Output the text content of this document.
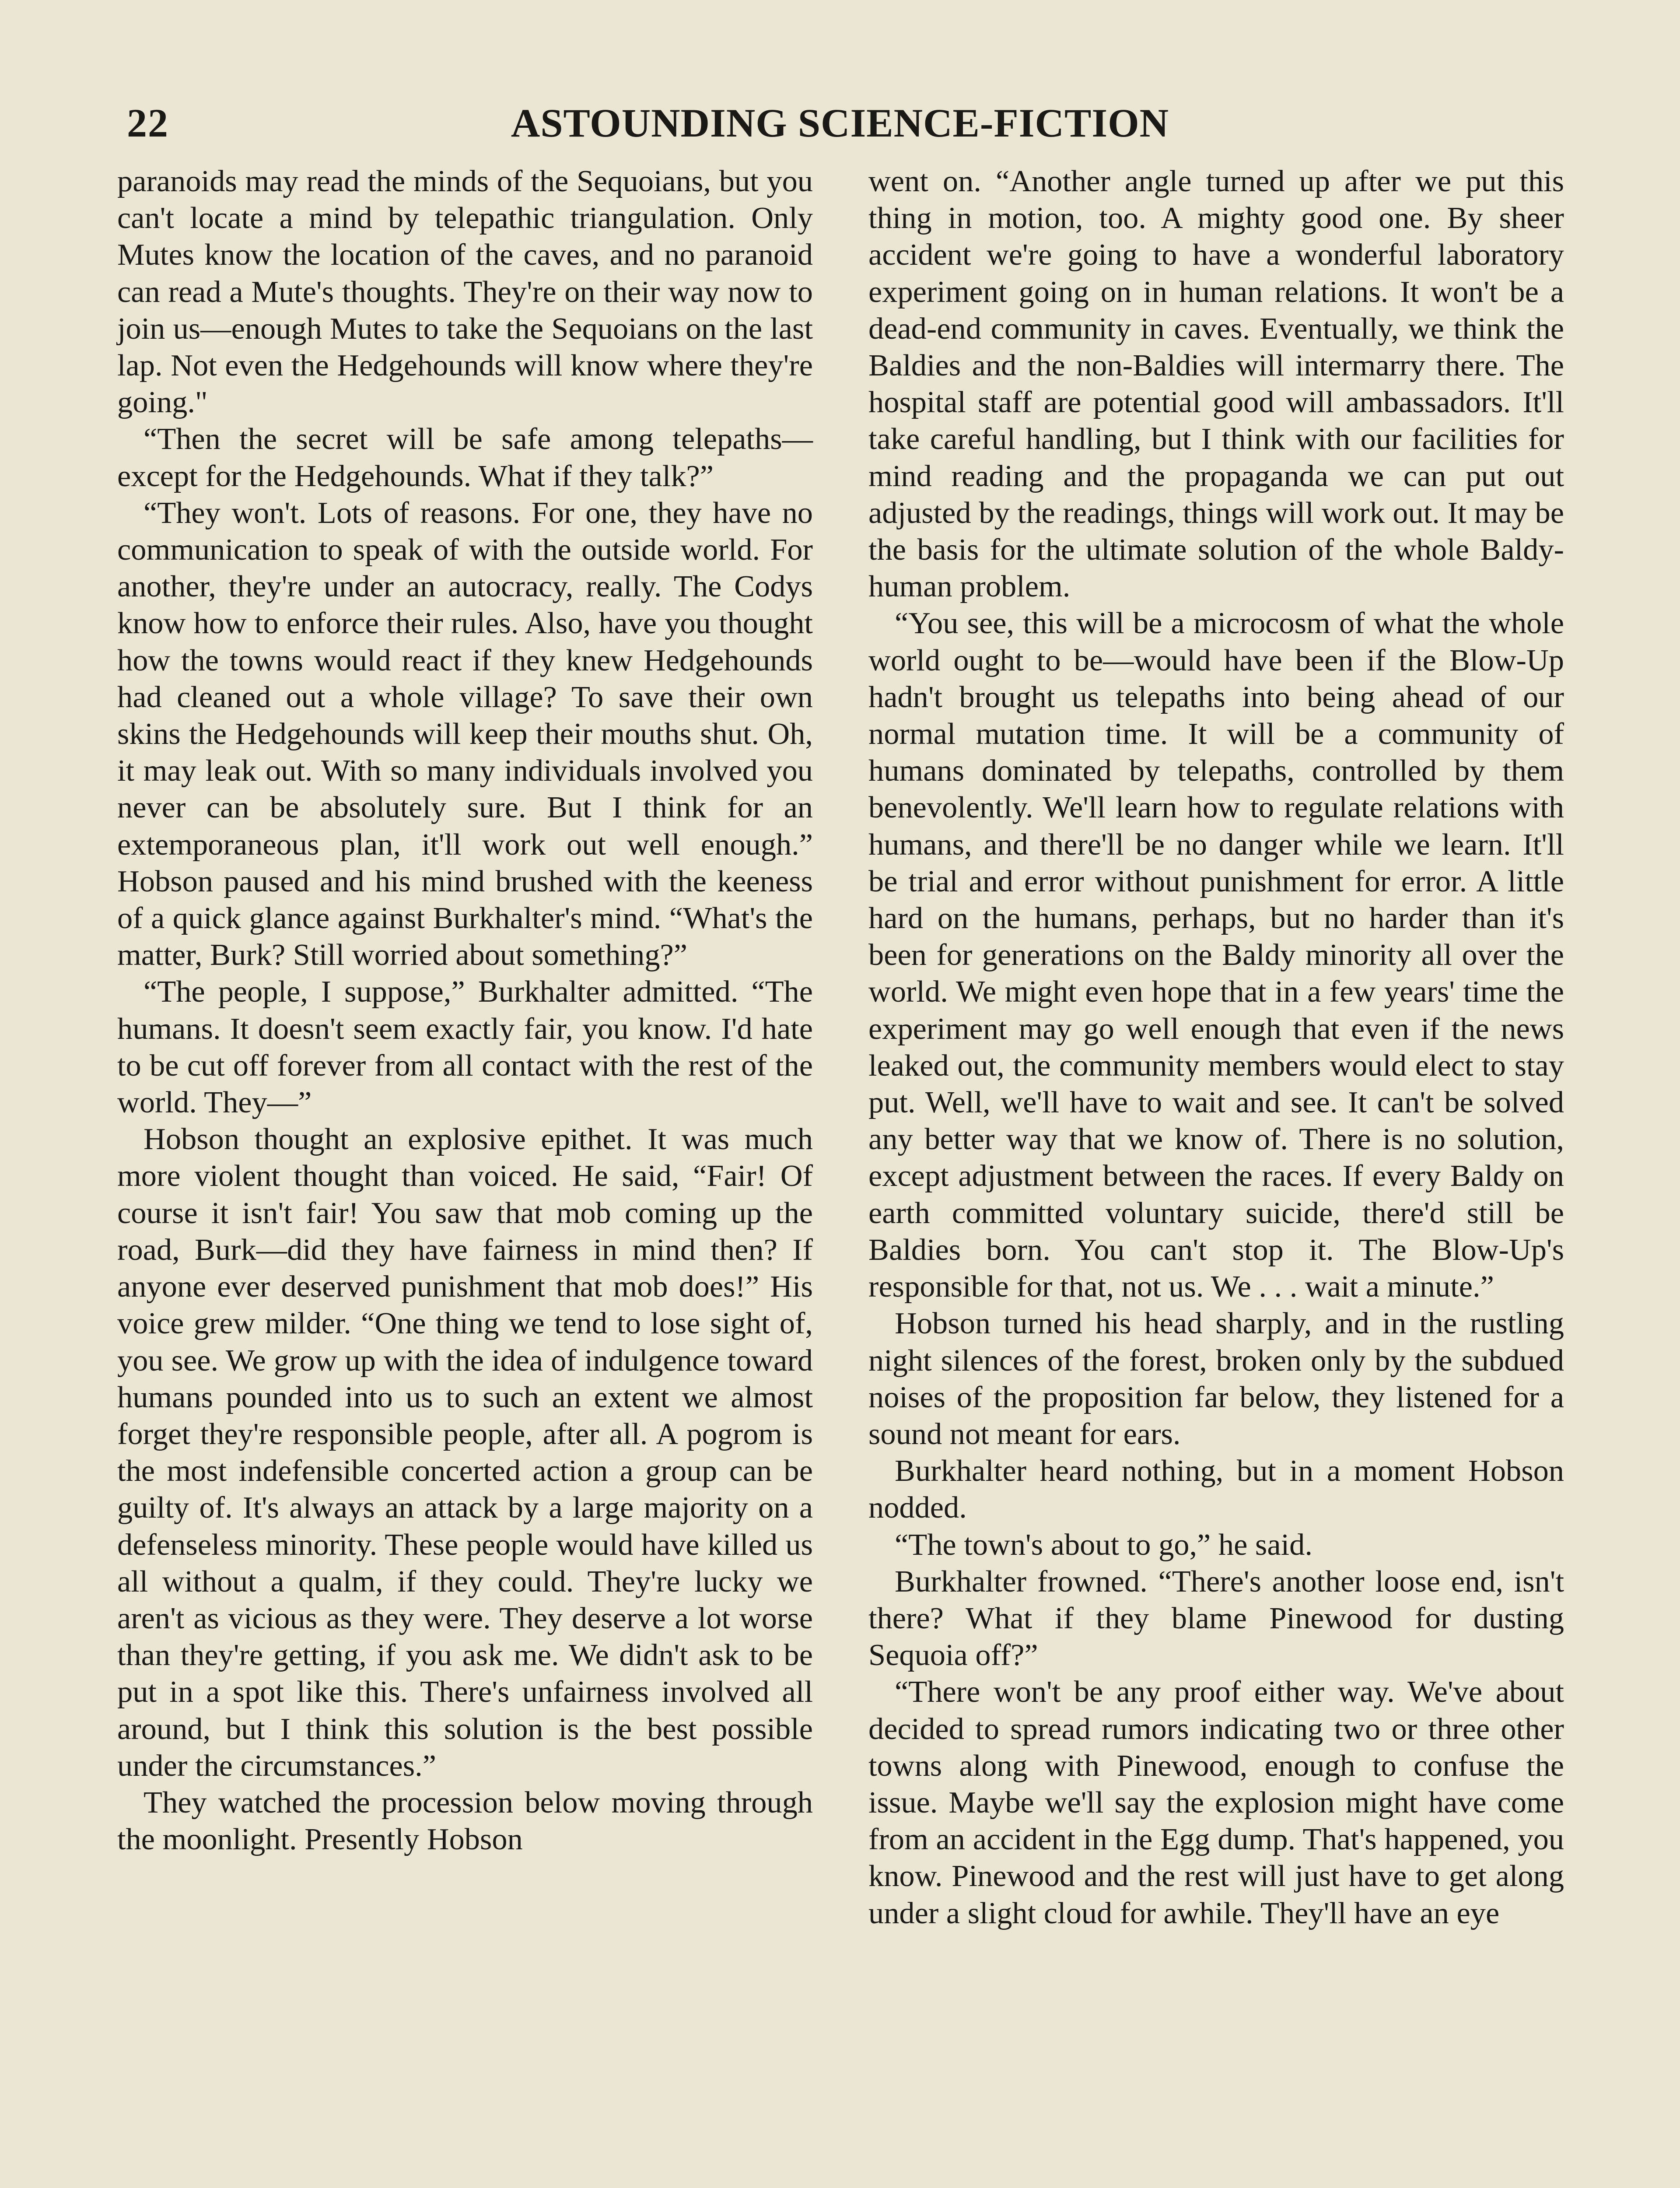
22	ASTOUNDING SCIENCE-FICTION

paranoids may read the minds of the Sequoians, but you can't locate a mind by telepathic triangulation. Only Mutes know the location of the caves, and no paranoid can read a Mute's thoughts. They're on their way now to join us—enough Mutes to take the Sequoians on the last lap. Not even the Hedgehounds will know where they're going."

“Then the secret will be safe among telepaths—except for the Hedgehounds. What if they talk?”

“They won't. Lots of reasons. For one, they have no communication to speak of with the outside world. For another, they're under an autocracy, really. The Codys know how to enforce their rules. Also, have you thought how the towns would react if they knew Hedgehounds had cleaned out a whole village? To save their own skins the Hedgehounds will keep their mouths shut. Oh, it may leak out. With so many individuals involved you never can be absolutely sure. But I think for an extemporaneous plan, it'll work out well enough.” Hobson paused and his mind brushed with the keeness of a quick glance against Burkhalter's mind. “What's the matter, Burk? Still worried about something?”

“The people, I suppose,” Burkhalter admitted. “The humans. It doesn't seem exactly fair, you know. I'd hate to be cut off forever from all contact with the rest of the world. They—”

Hobson thought an explosive epithet. It was much more violent thought than voiced. He said, “Fair! Of course it isn't fair! You saw that mob coming up the road, Burk—did they have fairness in mind then? If anyone ever deserved punishment that mob does!” His voice grew milder. “One thing we tend to lose sight of, you see. We grow up with the idea of indulgence toward humans pounded into us to such an extent we almost forget they're responsible people, after all. A pogrom is the most indefensible concerted action a group can be guilty of. It's always an attack by a large majority on a defenseless minority. These people would have killed us all without a qualm, if they could. They're lucky we aren't as vicious as they were. They deserve a lot worse than they're getting, if you ask me. We didn't ask to be put in a spot like this. There's unfairness involved all around, but I think this solution is the best possible under the circumstances.”

They watched the procession below moving through the moonlight. Presently Hobson

went on. “Another angle turned up after we put this thing in motion, too. A mighty good one. By sheer accident we're going to have a wonderful laboratory experiment going on in human relations. It won't be a dead-end community in caves. Eventually, we think the Baldies and the non-Baldies will intermarry there. The hospital staff are potential good will ambassadors. It'll take careful handling, but I think with our facilities for mind reading and the propaganda we can put out adjusted by the readings, things will work out. It may be the basis for the ultimate solution of the whole Baldy-human problem.

“You see, this will be a microcosm of what the whole world ought to be—would have been if the Blow-Up hadn't brought us telepaths into being ahead of our normal mutation time. It will be a community of humans dominated by telepaths, controlled by them benevolently. We'll learn how to regulate relations with humans, and there'll be no danger while we learn. It'll be trial and error without punishment for error. A little hard on the humans, perhaps, but no harder than it's been for generations on the Baldy minority all over the world. We might even hope that in a few years' time the experiment may go well enough that even if the news leaked out, the community members would elect to stay put. Well, we'll have to wait and see. It can't be solved any better way that we know of. There is no solution, except adjustment between the races. If every Baldy on earth committed voluntary suicide, there'd still be Baldies born. You can't stop it. The Blow-Up's responsible for that, not us. We . . . wait a minute.”

Hobson turned his head sharply, and in the rustling night silences of the forest, broken only by the subdued noises of the proposition far below, they listened for a sound not meant for ears.

Burkhalter heard nothing, but in a moment Hobson nodded.

“The town's about to go,” he said.

Burkhalter frowned. “There's another loose end, isn't there? What if they blame Pinewood for dusting Sequoia off?”

“There won't be any proof either way. We've about decided to spread rumors indicating two or three other towns along with Pinewood, enough to confuse the issue. Maybe we'll say the explosion might have come from an accident in the Egg dump. That's happened, you know. Pinewood and the rest will just have to get along under a slight cloud for awhile. They'll have an eye
